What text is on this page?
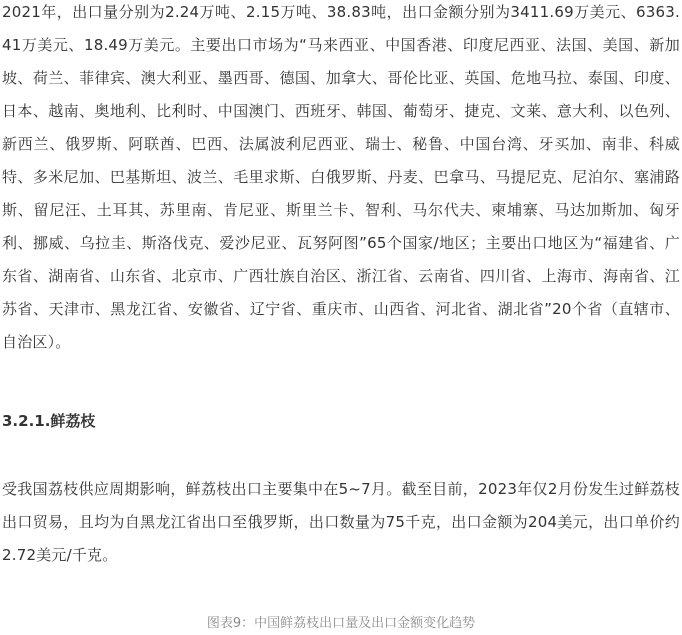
2021年，出口量分别为2.24万吨、2.15万吨、38.83吨，出口金额分别为3411.69万美元、6363.41万美元、18.49万美元。主要出口市场为“马来西亚、中国香港、印度尼西亚、法国、美国、新加坡、荷兰、菲律宾、澳大利亚、墨西哥、德国、加拿大、哥伦比亚、英国、危地马拉、泰国、印度、日本、越南、奥地利、比利时、中国澳门、西班牙、韩国、葡萄牙、捷克、文莱、意大利、以色列、新西兰、俄罗斯、阿联酋、巴西、法属波利尼西亚、瑞士、秘鲁、中国台湾、牙买加、南非、科威特、多米尼加、巴基斯坦、波兰、毛里求斯、白俄罗斯、丹麦、巴拿马、马提尼克、尼泊尔、塞浦路斯、留尼汪、土耳其、苏里南、肯尼亚、斯里兰卡、智利、马尔代夫、柬埔寨、马达加斯加、匈牙利、挪威、乌拉圭、斯洛伐克、爱沙尼亚、瓦努阿图”65个国家/地区；主要出口地区为“福建省、广东省、湖南省、山东省、北京市、广西壮族自治区、浙江省、云南省、四川省、上海市、海南省、江苏省、天津市、黑龙江省、安徽省、辽宁省、重庆市、山西省、河北省、湖北省”20个省（直辖市、自治区）。

3.2.1.鲜荔枝

受我国荔枝供应周期影响，鲜荔枝出口主要集中在5~7月。截至目前，2023年仅2月份发生过鲜荔枝出口贸易，且均为自黑龙江省出口至俄罗斯，出口数量为75千克，出口金额为204美元，出口单价约2.72美元/千克。

图表9：中国鲜荔枝出口量及出口金额变化趋势
